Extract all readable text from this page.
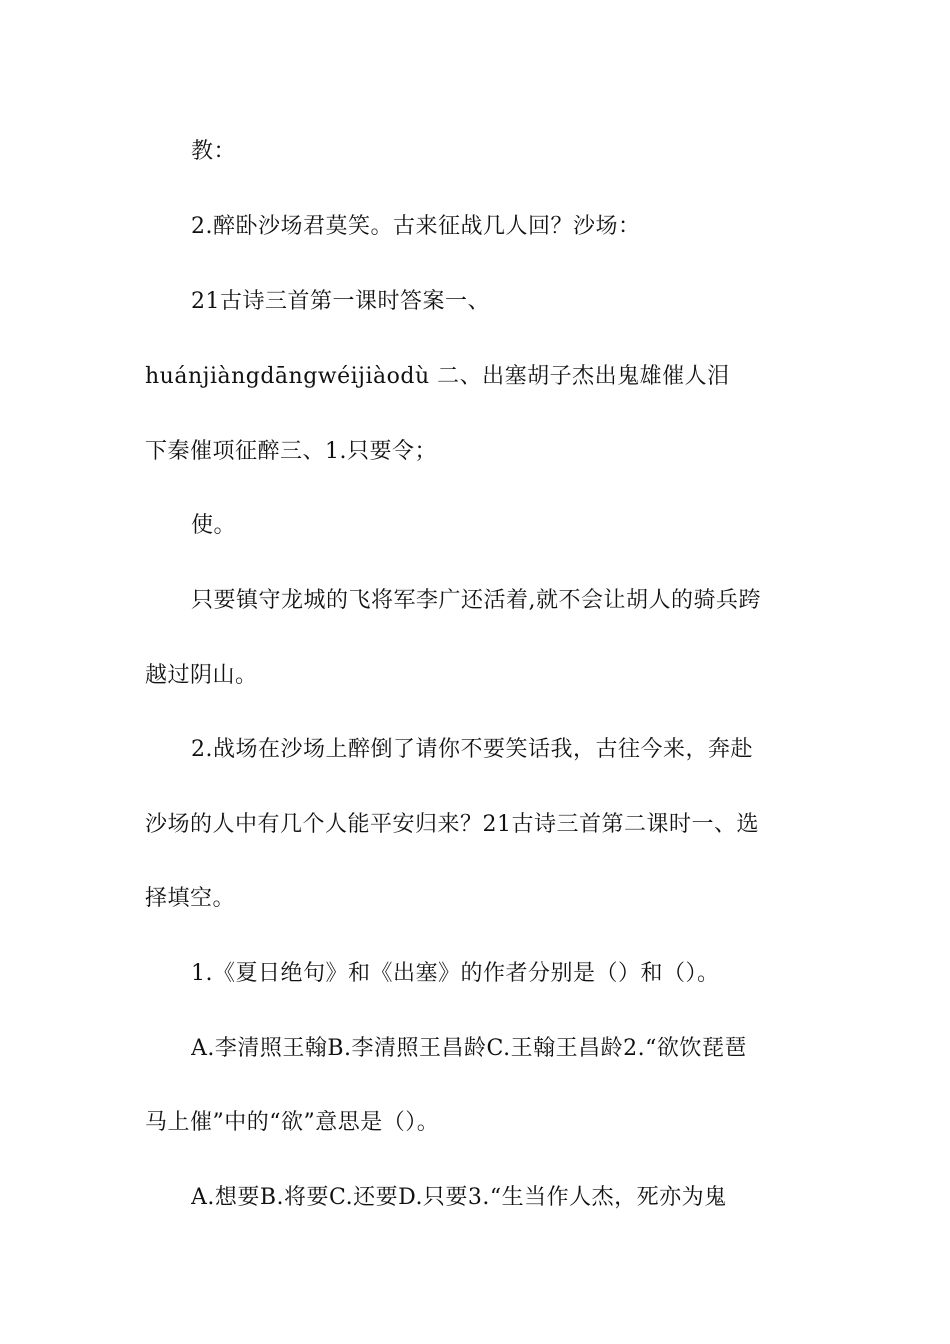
教：
2.醉卧沙场君莫笑。古来征战几人回？沙场：
21古诗三首第一课时答案一、
huánjiàngdāngwéijiàodù 二、出塞胡子杰出鬼雄催人泪
下秦催项征醉三、1.只要令；
使。
只要镇守龙城的飞将军李广还活着,就不会让胡人的骑兵跨
越过阴山。
2.战场在沙场上醉倒了请你不要笑话我，古往今来，奔赴
沙场的人中有几个人能平安归来？21古诗三首第二课时一、选
择填空。
1.《夏日绝句》和《出塞》的作者分别是（）和（）。
A.李清照王翰B.李清照王昌龄C.王翰王昌龄2.“欲饮琵琶
马上催”中的“欲”意思是（）。
A.想要B.将要C.还要D.只要3.“生当作人杰，死亦为鬼
